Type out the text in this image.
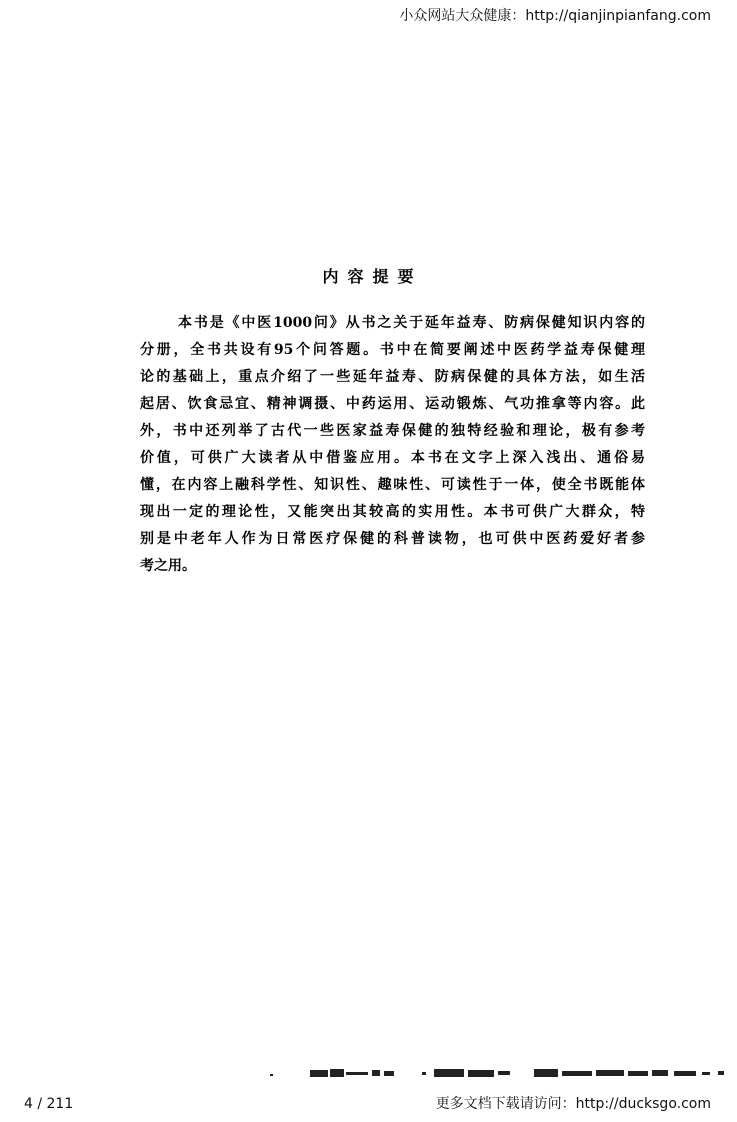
小众网站大众健康：http://qianjinpianfang.com
内容提要
本书是《中医1000问》从书之关于延年益寿、防病保健知识内容的
分册，全书共设有95个问答题。书中在简要阐述中医药学益寿保健理
论的基础上，重点介绍了一些延年益寿、防病保健的具体方法，如生活
起居、饮食忌宜、精神调摄、中药运用、运动锻炼、气功推拿等内容。此
外，书中还列举了古代一些医家益寿保健的独特经验和理论，极有参考
价值，可供广大读者从中借鉴应用。本书在文字上深入浅出、通俗易
懂，在内容上融科学性、知识性、趣味性、可读性于一体，使全书既能体
现出一定的理论性，又能突出其较高的实用性。本书可供广大群众，特
别是中老年人作为日常医疗保健的科普读物，也可供中医药爱好者参
考之用。
4 / 211	更多文档下载请访问：http://ducksgo.com
